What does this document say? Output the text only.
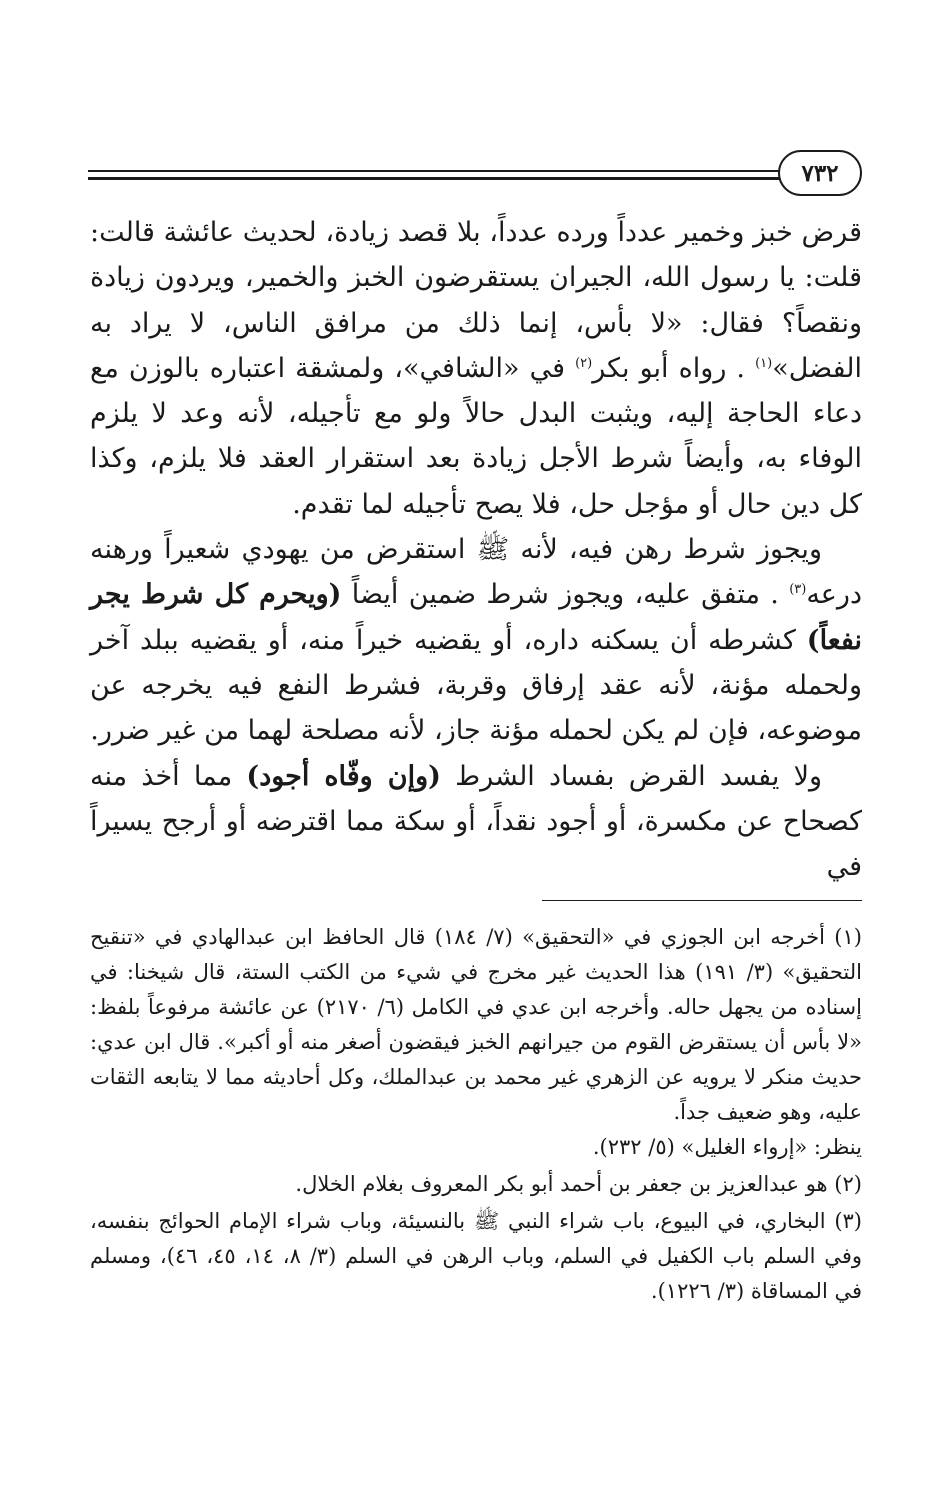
٧٣٢

قرض خبز وخمير عدداً ورده عدداً، بلا قصد زيادة، لحديث عائشة قالت: قلت: يا رسول الله، الجيران يستقرضون الخبز والخمير، ويردون زيادة ونقصاً؟ فقال: «لا بأس، إنما ذلك من مرافق الناس، لا يراد به الفضل»$^{(١)}$ . رواه أبو بكر$^{(٢)}$ في «الشافي»، ولمشقة اعتباره بالوزن مع دعاء الحاجة إليه، ويثبت البدل حالاً ولو مع تأجيله، لأنه وعد لا يلزم الوفاء به، وأيضاً شرط الأجل زيادة بعد استقرار العقد فلا يلزم، وكذا كل دين حال أو مؤجل حل، فلا يصح تأجيله لما تقدم.

ويجوز شرط رهن فيه، لأنه ﷺ استقرض من يهودي شعيراً ورهنه درعه$^{(٣)}$ . متفق عليه، ويجوز شرط ضمين أيضاً (ويحرم كل شرط يجر نفعاً) كشرطه أن يسكنه داره، أو يقضيه خيراً منه، أو يقضيه ببلد آخر ولحمله مؤنة، لأنه عقد إرفاق وقربة، فشرط النفع فيه يخرجه عن موضوعه، فإن لم يكن لحمله مؤنة جاز، لأنه مصلحة لهما من غير ضرر.

ولا يفسد القرض بفساد الشرط (وإن وفّاه أجود) مما أخذ منه كصحاح عن مكسرة، أو أجود نقداً، أو سكة مما اقترضه أو أرجح يسيراً في

(١) أخرجه ابن الجوزي في «التحقيق» (٧/ ١٨٤) قال الحافظ ابن عبدالهادي في «تنقيح التحقيق» (٣/ ١٩١) هذا الحديث غير مخرج في شيء من الكتب الستة، قال شيخنا: في إسناده من يجهل حاله. وأخرجه ابن عدي في الكامل (٦/ ٢١٧٠) عن عائشة مرفوعاً بلفظ: «لا بأس أن يستقرض القوم من جيرانهم الخبز فيقضون أصغر منه أو أكبر». قال ابن عدي: حديث منكر لا يرويه عن الزهري غير محمد بن عبدالملك، وكل أحاديثه مما لا يتابعه الثقات عليه، وهو ضعيف جداً.

ينظر: «إرواء الغليل» (٥/ ٢٣٢).

(٢) هو عبدالعزيز بن جعفر بن أحمد أبو بكر المعروف بغلام الخلال.

(٣) البخاري، في البيوع، باب شراء النبي ﷺ بالنسيئة، وباب شراء الإمام الحوائج بنفسه، وفي السلم باب الكفيل في السلم، وباب الرهن في السلم (٣/ ٨، ١٤، ٤٥، ٤٦)، ومسلم في المساقاة (٣/ ١٢٢٦).
